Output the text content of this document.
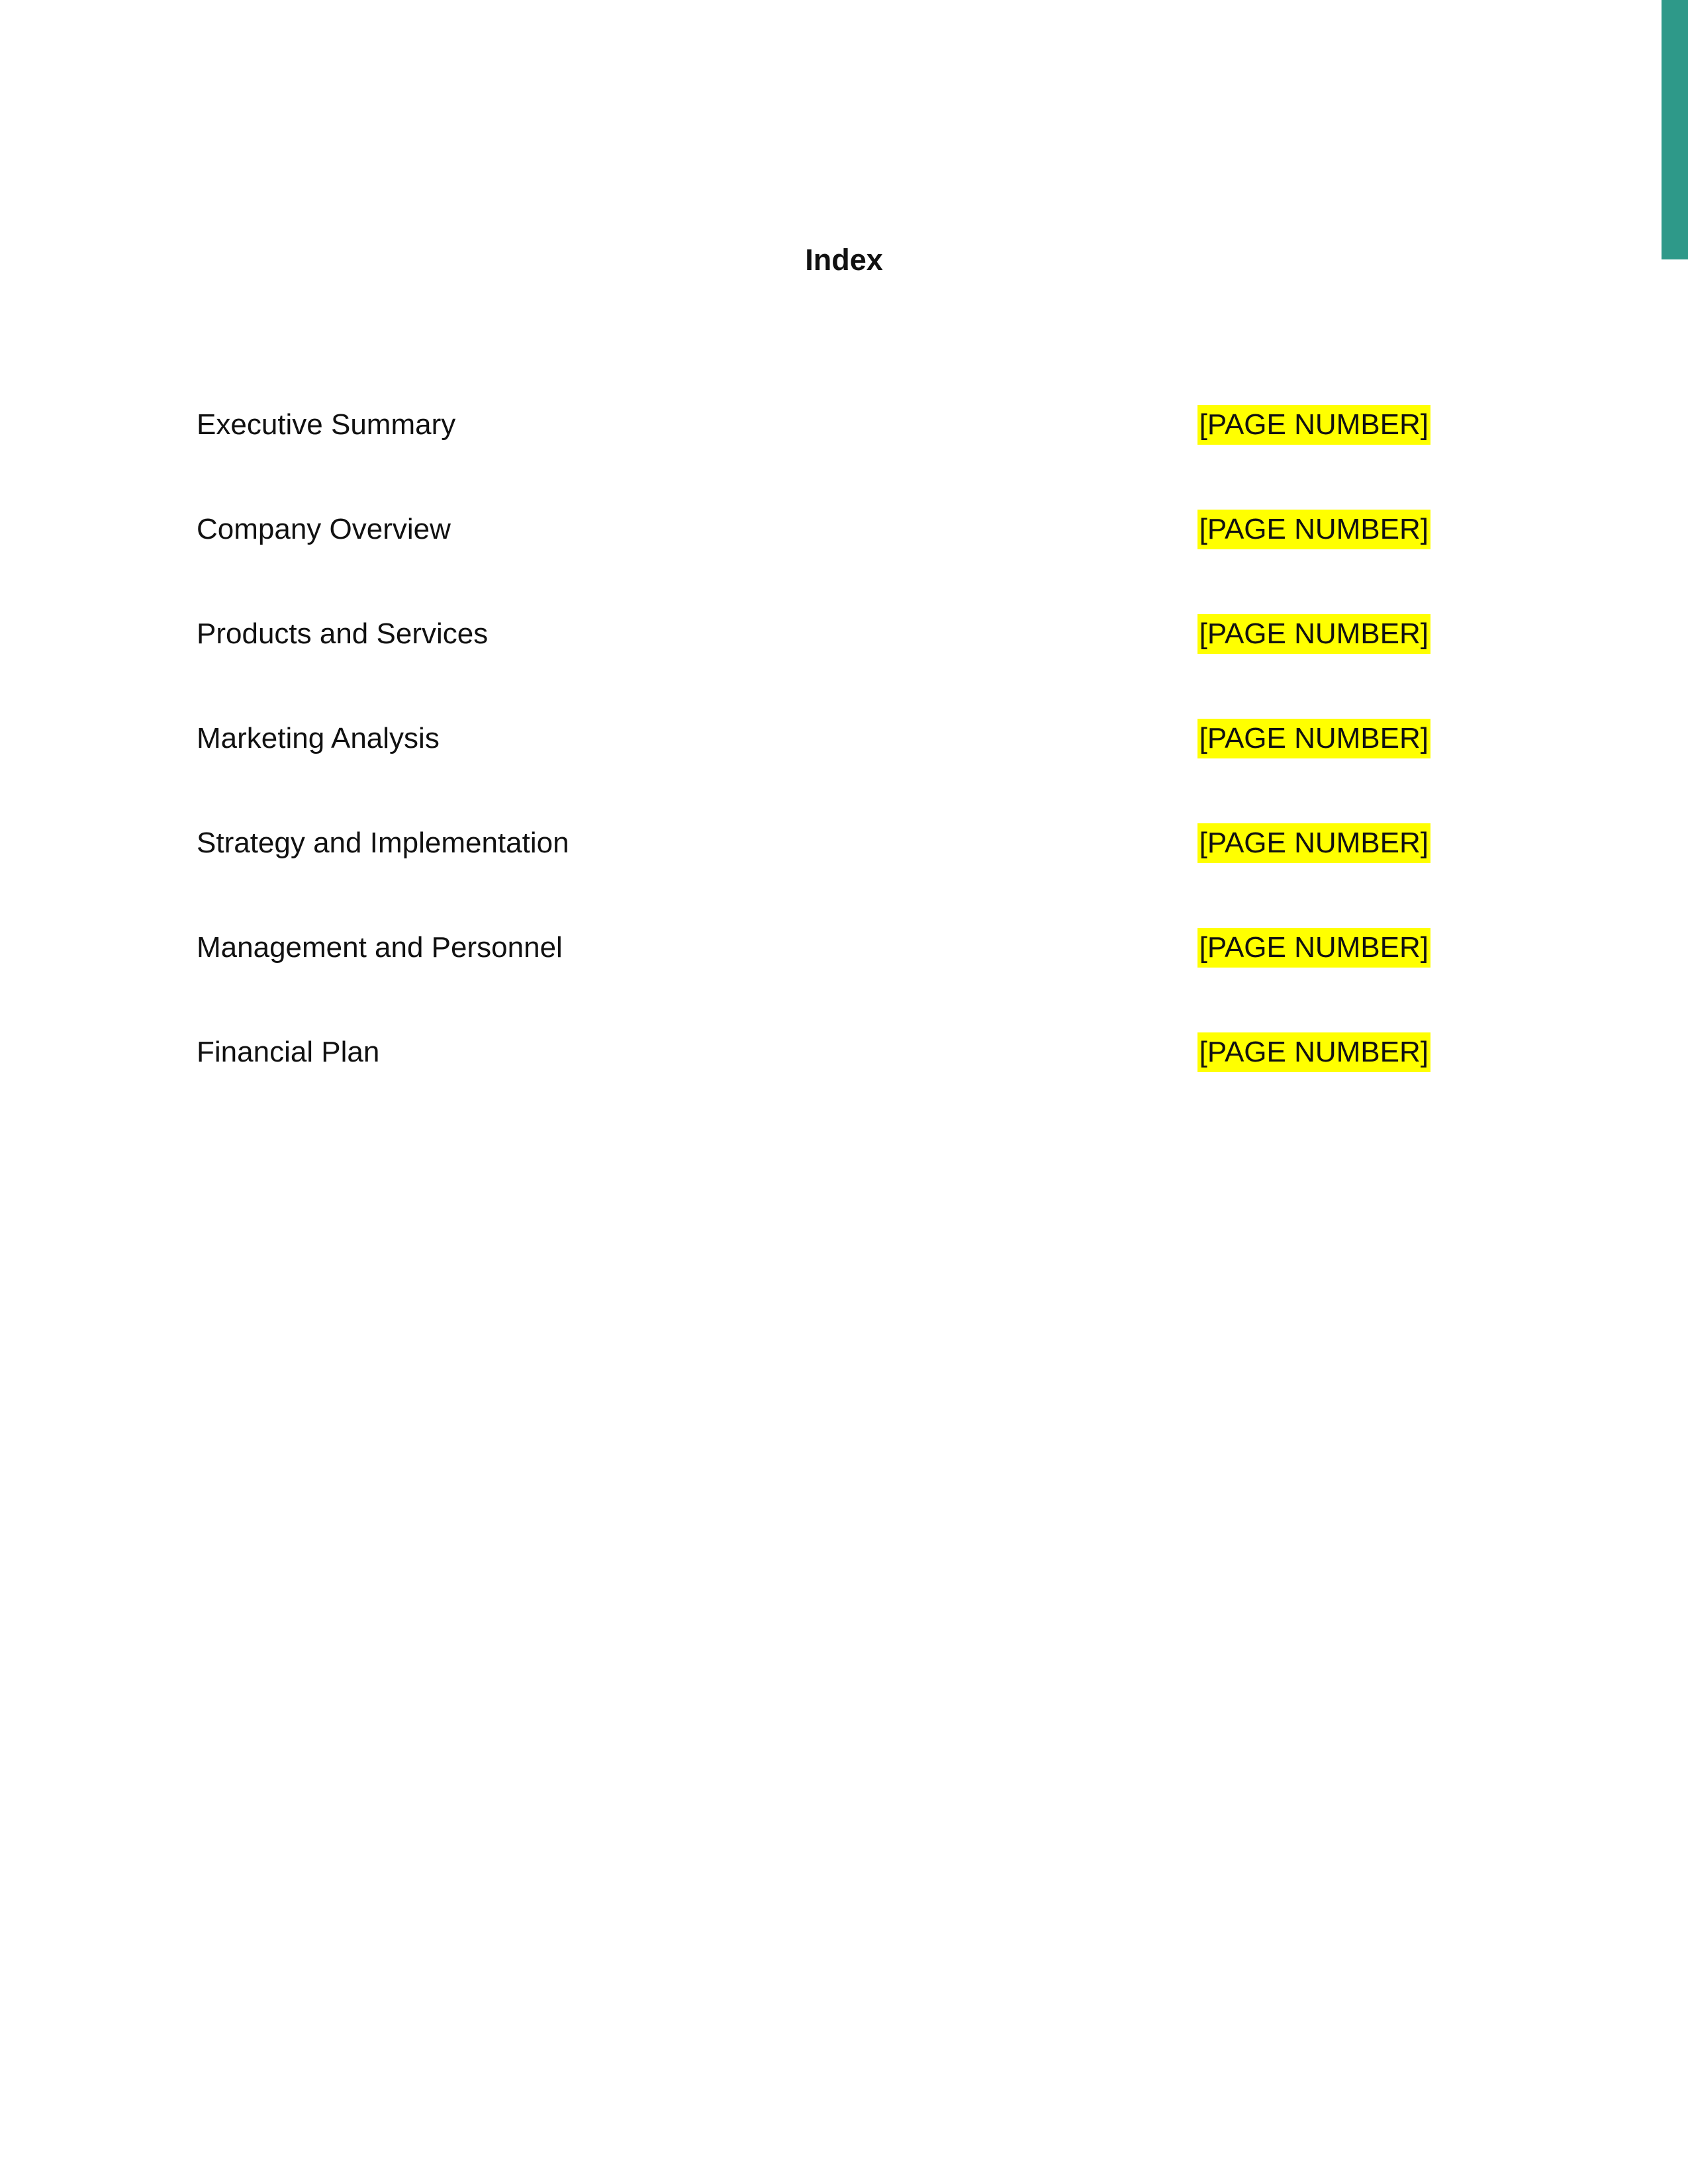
Index
Executive Summary	[PAGE NUMBER]
Company Overview	[PAGE NUMBER]
Products and Services	[PAGE NUMBER]
Marketing Analysis	[PAGE NUMBER]
Strategy and Implementation	[PAGE NUMBER]
Management and Personnel	[PAGE NUMBER]
Financial Plan	[PAGE NUMBER]
